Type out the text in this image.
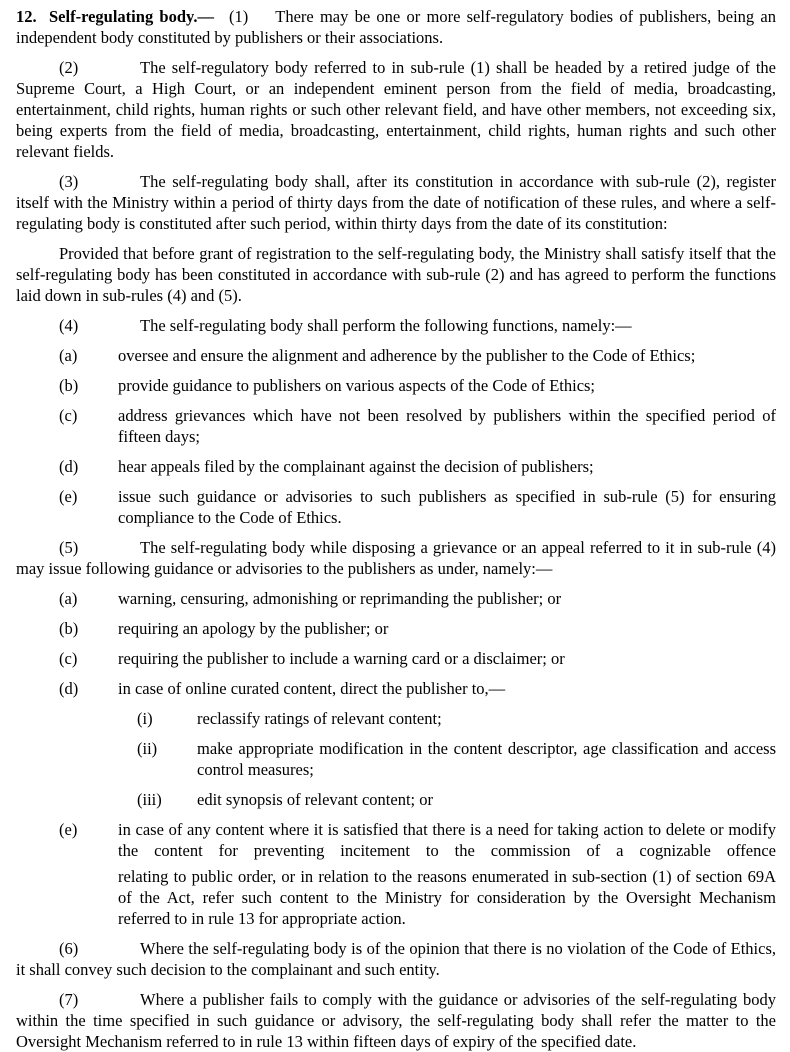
12. Self-regulating body.— (1) There may be one or more self-regulatory bodies of publishers, being an independent body constituted by publishers or their associations.

(2)	The self-regulatory body referred to in sub-rule (1) shall be headed by a retired judge of the Supreme Court, a High Court, or an independent eminent person from the field of media, broadcasting, entertainment, child rights, human rights or such other relevant field, and have other members, not exceeding six, being experts from the field of media, broadcasting, entertainment, child rights, human rights and such other relevant fields.

(3)	The self-regulating body shall, after its constitution in accordance with sub-rule (2), register itself with the Ministry within a period of thirty days from the date of notification of these rules, and where a self-regulating body is constituted after such period, within thirty days from the date of its constitution:

Provided that before grant of registration to the self-regulating body, the Ministry shall satisfy itself that the self-regulating body has been constituted in accordance with sub-rule (2) and has agreed to perform the functions laid down in sub-rules (4) and (5).

(4)	The self-regulating body shall perform the following functions, namely:—

(a) oversee and ensure the alignment and adherence by the publisher to the Code of Ethics;
(b) provide guidance to publishers on various aspects of the Code of Ethics;
(c) address grievances which have not been resolved by publishers within the specified period of fifteen days;
(d) hear appeals filed by the complainant against the decision of publishers;
(e) issue such guidance or advisories to such publishers as specified in sub-rule (5) for ensuring compliance to the Code of Ethics.

(5)	The self-regulating body while disposing a grievance or an appeal referred to it in sub-rule (4) may issue following guidance or advisories to the publishers as under, namely:—

(a) warning, censuring, admonishing or reprimanding the publisher; or
(b) requiring an apology by the publisher; or
(c) requiring the publisher to include a warning card or a disclaimer; or
(d) in case of online curated content, direct the publisher to,—
(i)	reclassify ratings of relevant content;
(ii) make appropriate modification in the content descriptor, age classification and access control measures;
(iii) edit synopsis of relevant content; or
(e) in case of any content where it is satisfied that there is a need for taking action to delete or modify the content for preventing incitement to the commission of a cognizable offence
relating to public order, or in relation to the reasons enumerated in sub-section (1) of section 69A of the Act, refer such content to the Ministry for consideration by the Oversight Mechanism referred to in rule 13 for appropriate action.

(6)	Where the self-regulating body is of the opinion that there is no violation of the Code of Ethics, it shall convey such decision to the complainant and such entity.

(7)	Where a publisher fails to comply with the guidance or advisories of the self-regulating body within the time specified in such guidance or advisory, the self-regulating body shall refer the matter to the Oversight Mechanism referred to in rule 13 within fifteen days of expiry of the specified date.
